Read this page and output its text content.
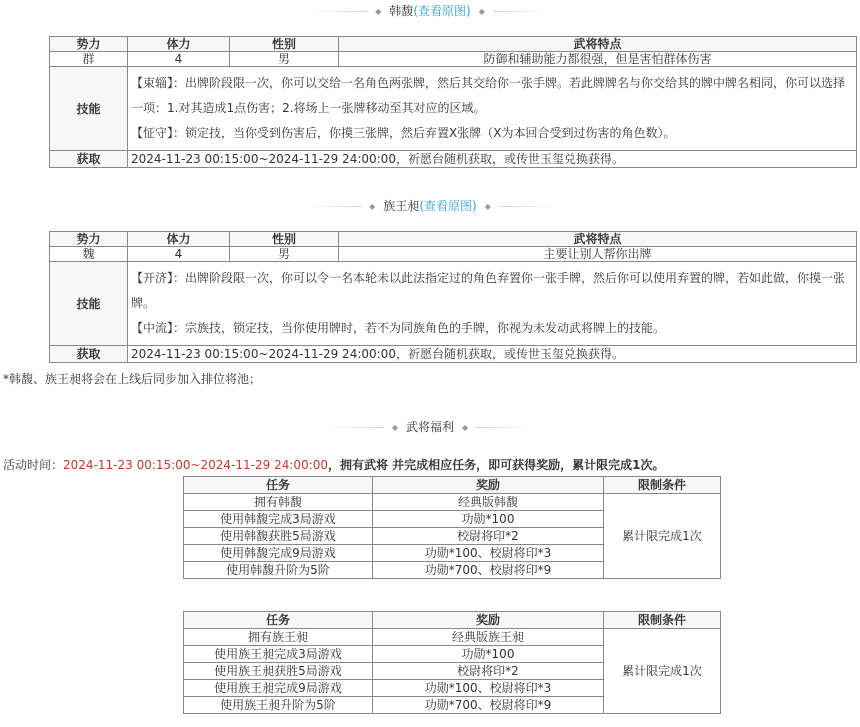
◆ 韩馥(查看原图) ◆
势力	体力	性别	武将特点
群	4	男	防御和辅助能力都很强，但是害怕群体伤害
技能	【束辎】：出牌阶段限一次，你可以交给一名角色两张牌，然后其交给你一张手牌。若此牌牌名与你交给其的牌中牌名相同，你可以选择一项：1.对其造成1点伤害；2.将场上一张牌移动至其对应的区域。
【怔守】：锁定技，当你受到伤害后，你摸三张牌，然后弃置X张牌（X为本回合受到过伤害的角色数）。		

获取	2024-11-23 00:15:00~2024-11-29 24:00:00，祈愿台随机获取，或传世玉玺兑换获得。		
◆ 族王昶(查看原图) ◆
势力	体力	性别	武将特点
魏	4	男	主要让别人帮你出牌
技能	【开济】：出牌阶段限一次，你可以令一名本轮未以此法指定过的角色弃置你一张手牌，然后你可以使用弃置的牌，若如此做，你摸一张牌。
【中流】：宗族技，锁定技，当你使用牌时，若不为同族角色的手牌，你视为未发动武将牌上的技能。		

获取	2024-11-23 00:15:00~2024-11-29 24:00:00，祈愿台随机获取，或传世玉玺兑换获得。		
*韩馥、族王昶将会在上线后同步加入排位将池；
◆ 武将福利 ◆
活动时间：2024-11-23 00:15:00~2024-11-29 24:00:00，拥有武将 并完成相应任务，即可获得奖励，累计限完成1次。
任务	奖励	限制条件
拥有韩馥	经典版韩馥	累计限完成1次
使用韩馥完成3局游戏	功勋*100	
使用韩馥获胜5局游戏	校尉将印*2	
使用韩馥完成9局游戏	功勋*100、校尉将印*3	
使用韩馥升阶为5阶	功勋*700、校尉将印*9	
任务	奖励	限制条件
拥有族王昶	经典版族王昶	累计限完成1次
使用族王昶完成3局游戏	功勋*100	
使用族王昶获胜5局游戏	校尉将印*2	
使用族王昶完成9局游戏	功勋*100、校尉将印*3	
使用族王昶升阶为5阶	功勋*700、校尉将印*9	
